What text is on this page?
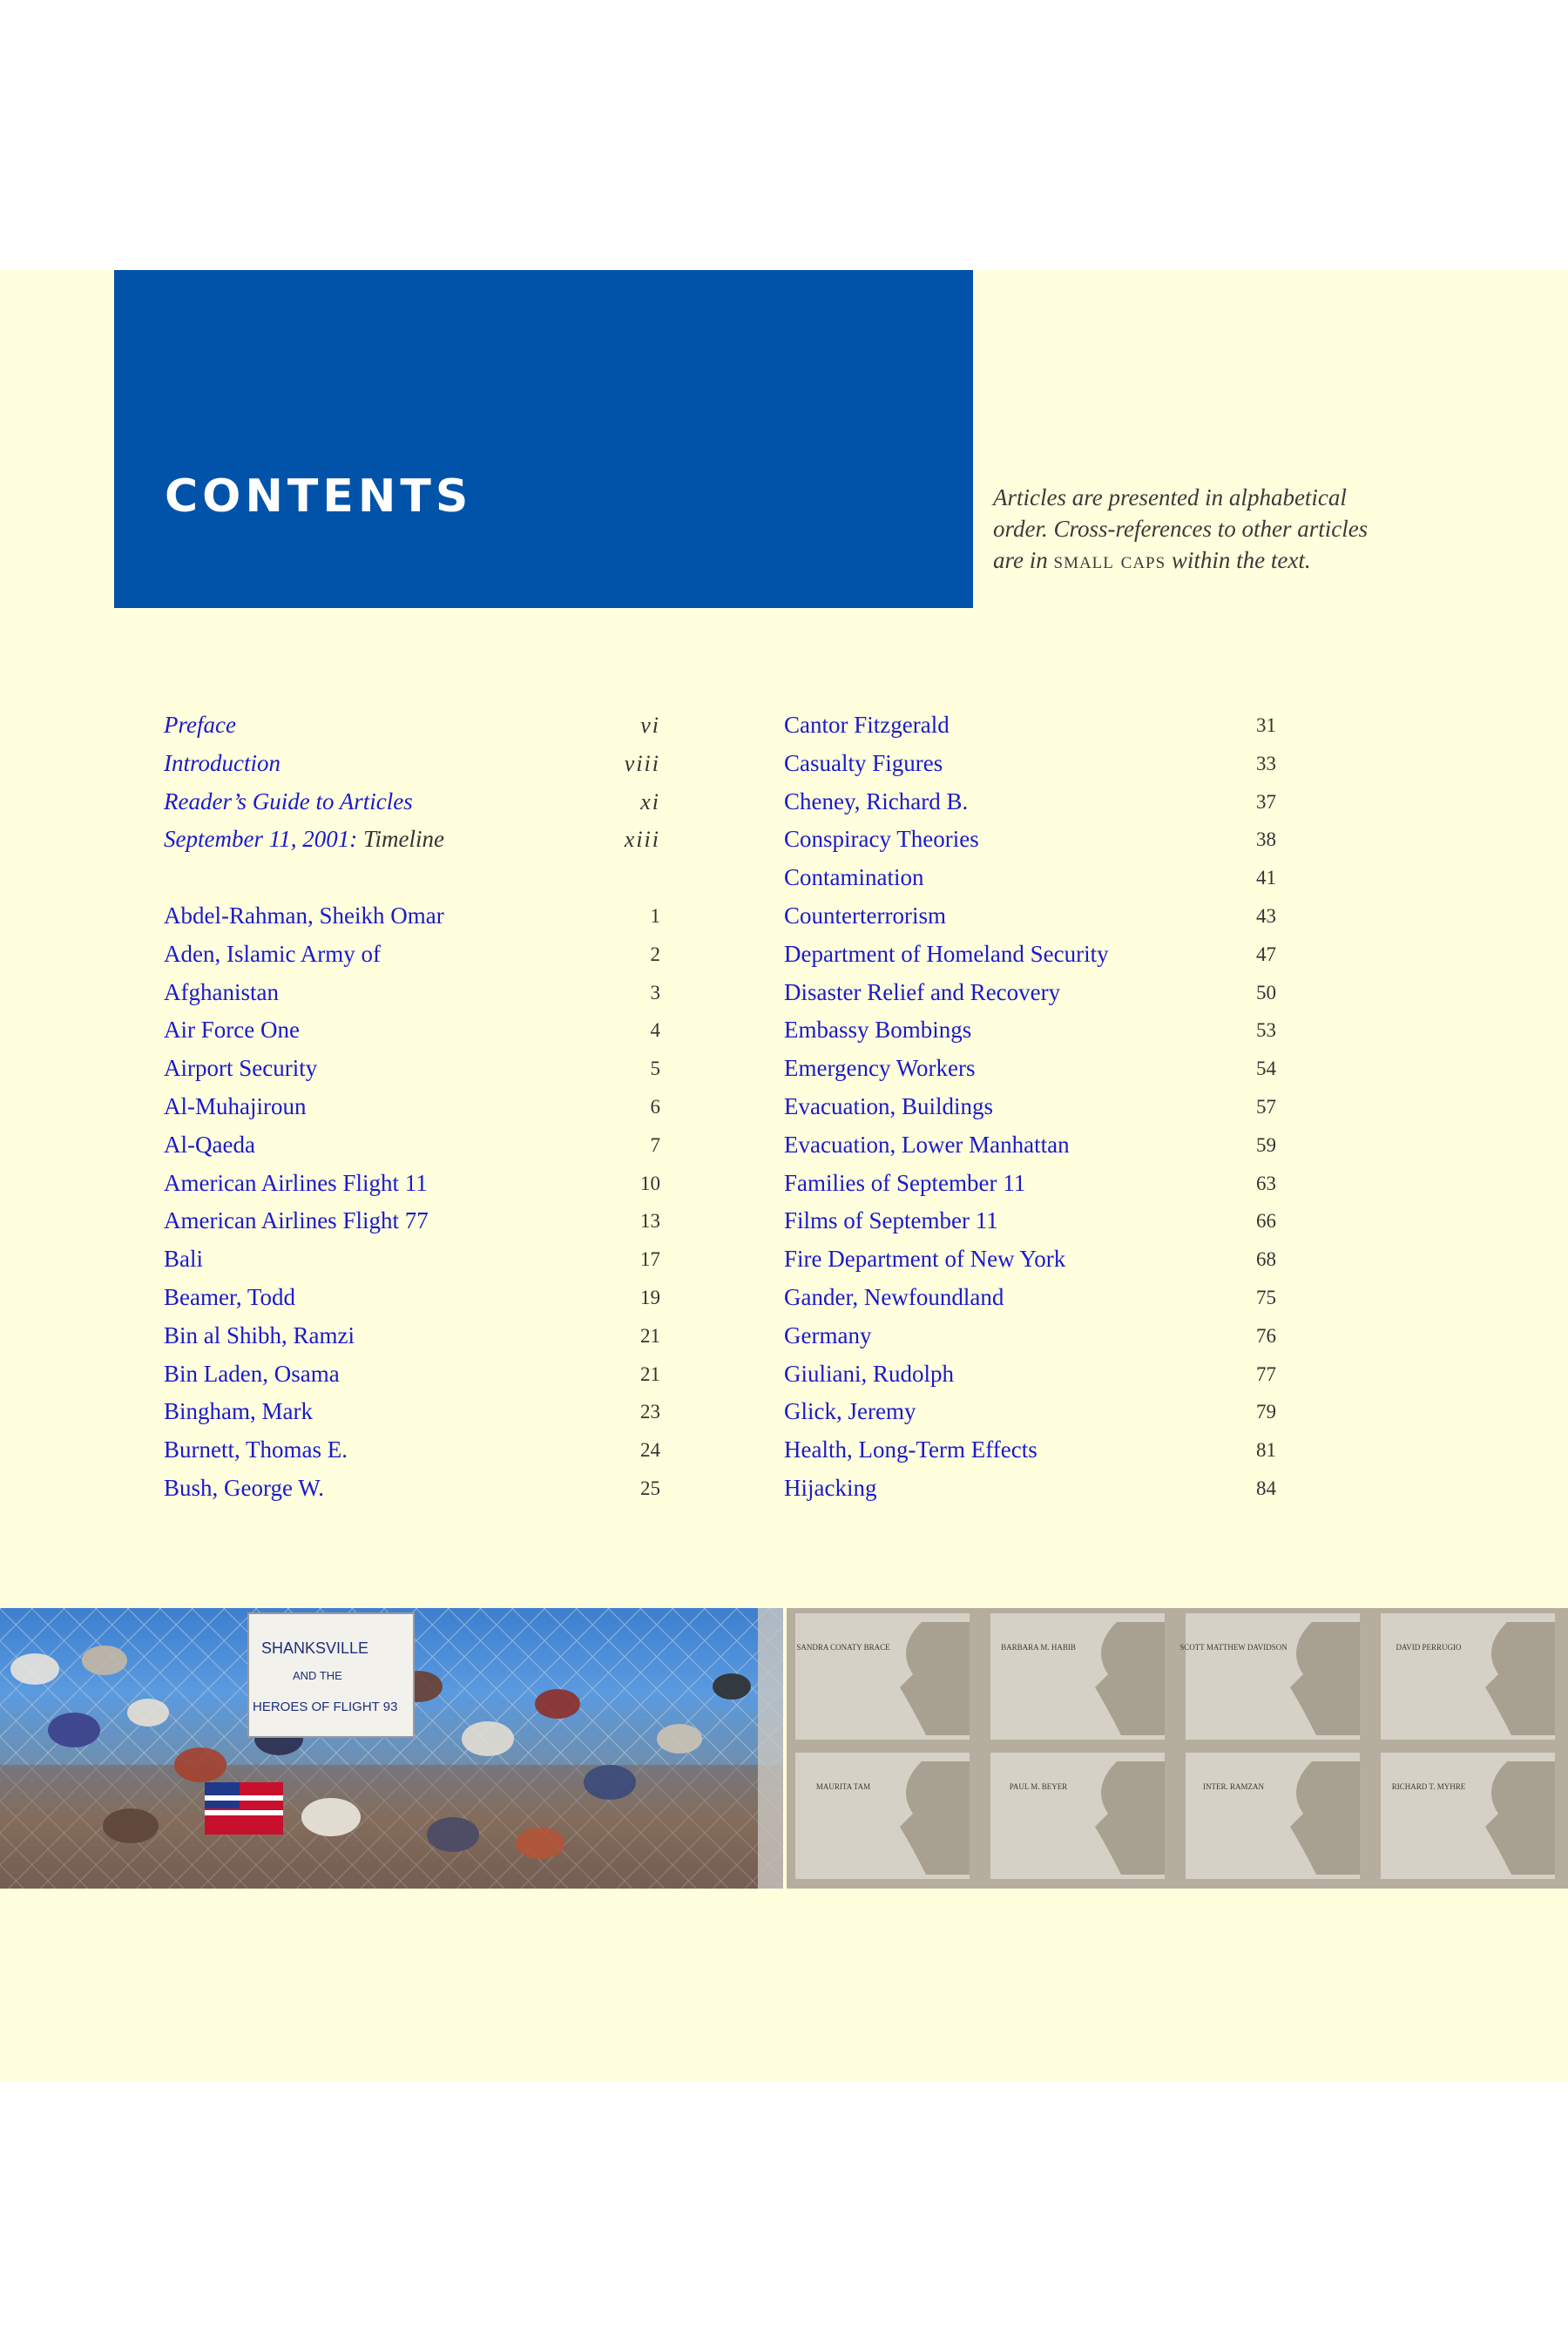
CONTENTS	Articles are presented in alphabetical order. Cross-references to other articles are in small caps within the text.
Preface	vi
Introduction	viii
Reader’s Guide to Articles	xi
September 11, 2001: Timeline	xiii
Abdel-Rahman, Sheikh Omar	1
Aden, Islamic Army of	2
Afghanistan	3
Air Force One	4
Airport Security	5
Al-Muhajiroun	6
Al-Qaeda	7
American Airlines Flight 11	10
American Airlines Flight 77	13
Bali	17
Beamer, Todd	19
Bin al Shibh, Ramzi	21
Bin Laden, Osama	21
Bingham, Mark	23
Burnett, Thomas E.	24
Bush, George W.	25
Cantor Fitzgerald	31
Casualty Figures	33
Cheney, Richard B.	37
Conspiracy Theories	38
Contamination	41
Counterterrorism	43
Department of Homeland Security	47
Disaster Relief and Recovery	50
Embassy Bombings	53
Emergency Workers	54
Evacuation, Buildings	57
Evacuation, Lower Manhattan	59
Families of September 11	63
Films of September 11	66
Fire Department of New York	68
Gander, Newfoundland	75
Germany	76
Giuliani, Rudolph	77
Glick, Jeremy	79
Health, Long-Term Effects	81
Hijacking	84
SHANKSVILLE
AND THE
HEROES OF FLIGHT 93
SANDRA CONATY BRACE	BARBARA M. HABIB	SCOTT MATTHEW DAVIDSON	DAVID PERRUGIO
MAURITA TAM	PAUL M. BEYER	INTER. RAMZAN	RICHARD T. MYHRE
